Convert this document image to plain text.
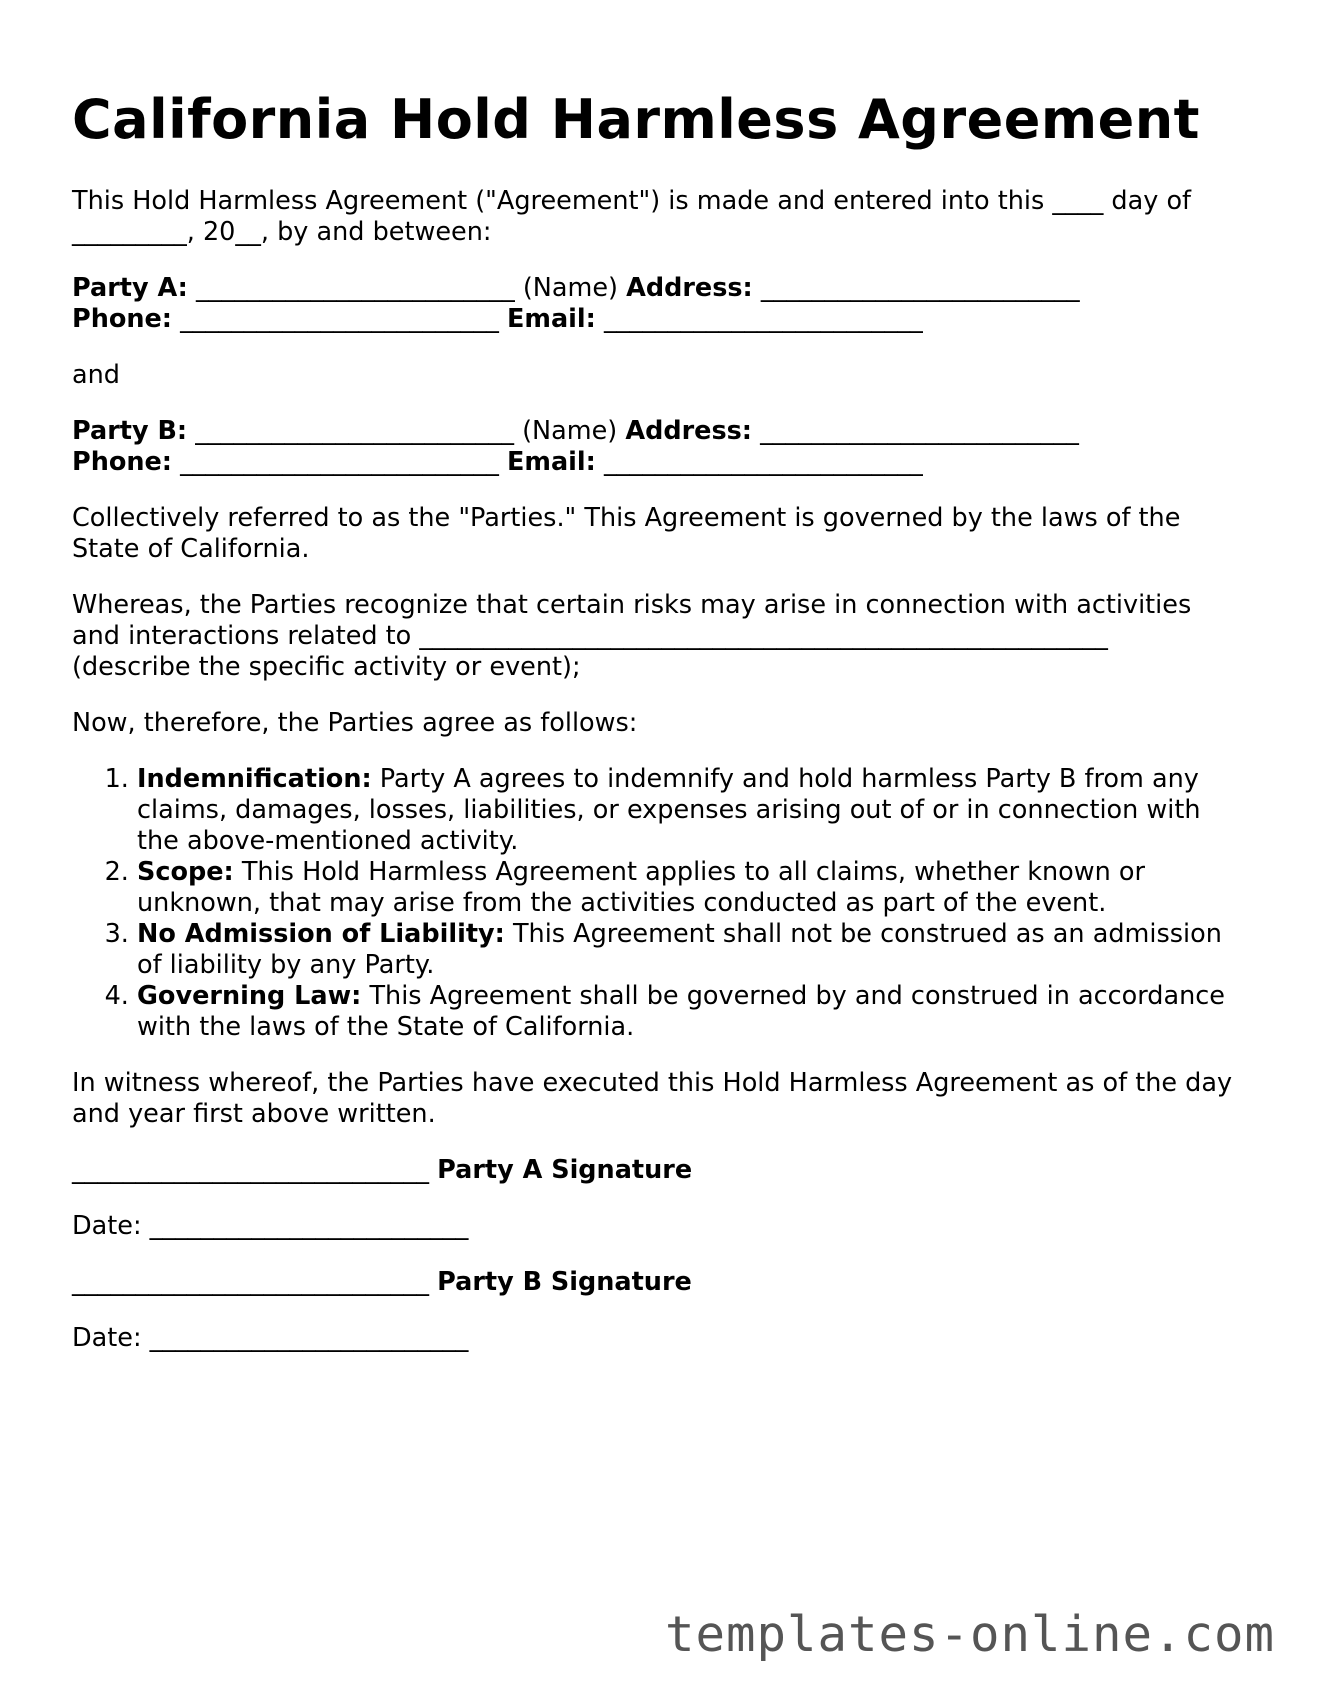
California Hold Harmless Agreement

This Hold Harmless Agreement ("Agreement") is made and entered into this ____ day of
_________, 20__, by and between:

Party A: _________________________ (Name) Address: _________________________
Phone: _________________________ Email: _________________________

and

Party B: _________________________ (Name) Address: _________________________
Phone: _________________________ Email: _________________________

Collectively referred to as the "Parties." This Agreement is governed by the laws of the
State of California.

Whereas, the Parties recognize that certain risks may arise in connection with activities
and interactions related to ______________________________________________________
(describe the specific activity or event);

Now, therefore, the Parties agree as follows:

1. Indemnification: Party A agrees to indemnify and hold harmless Party B from any
claims, damages, losses, liabilities, or expenses arising out of or in connection with
the above-mentioned activity.
2. Scope: This Hold Harmless Agreement applies to all claims, whether known or
unknown, that may arise from the activities conducted as part of the event.
3. No Admission of Liability: This Agreement shall not be construed as an admission
of liability by any Party.
4. Governing Law: This Agreement shall be governed by and construed in accordance
with the laws of the State of California.

In witness whereof, the Parties have executed this Hold Harmless Agreement as of the day
and year first above written.

____________________________ Party A Signature

Date: _________________________

____________________________ Party B Signature

Date: _________________________

templates-online.com
